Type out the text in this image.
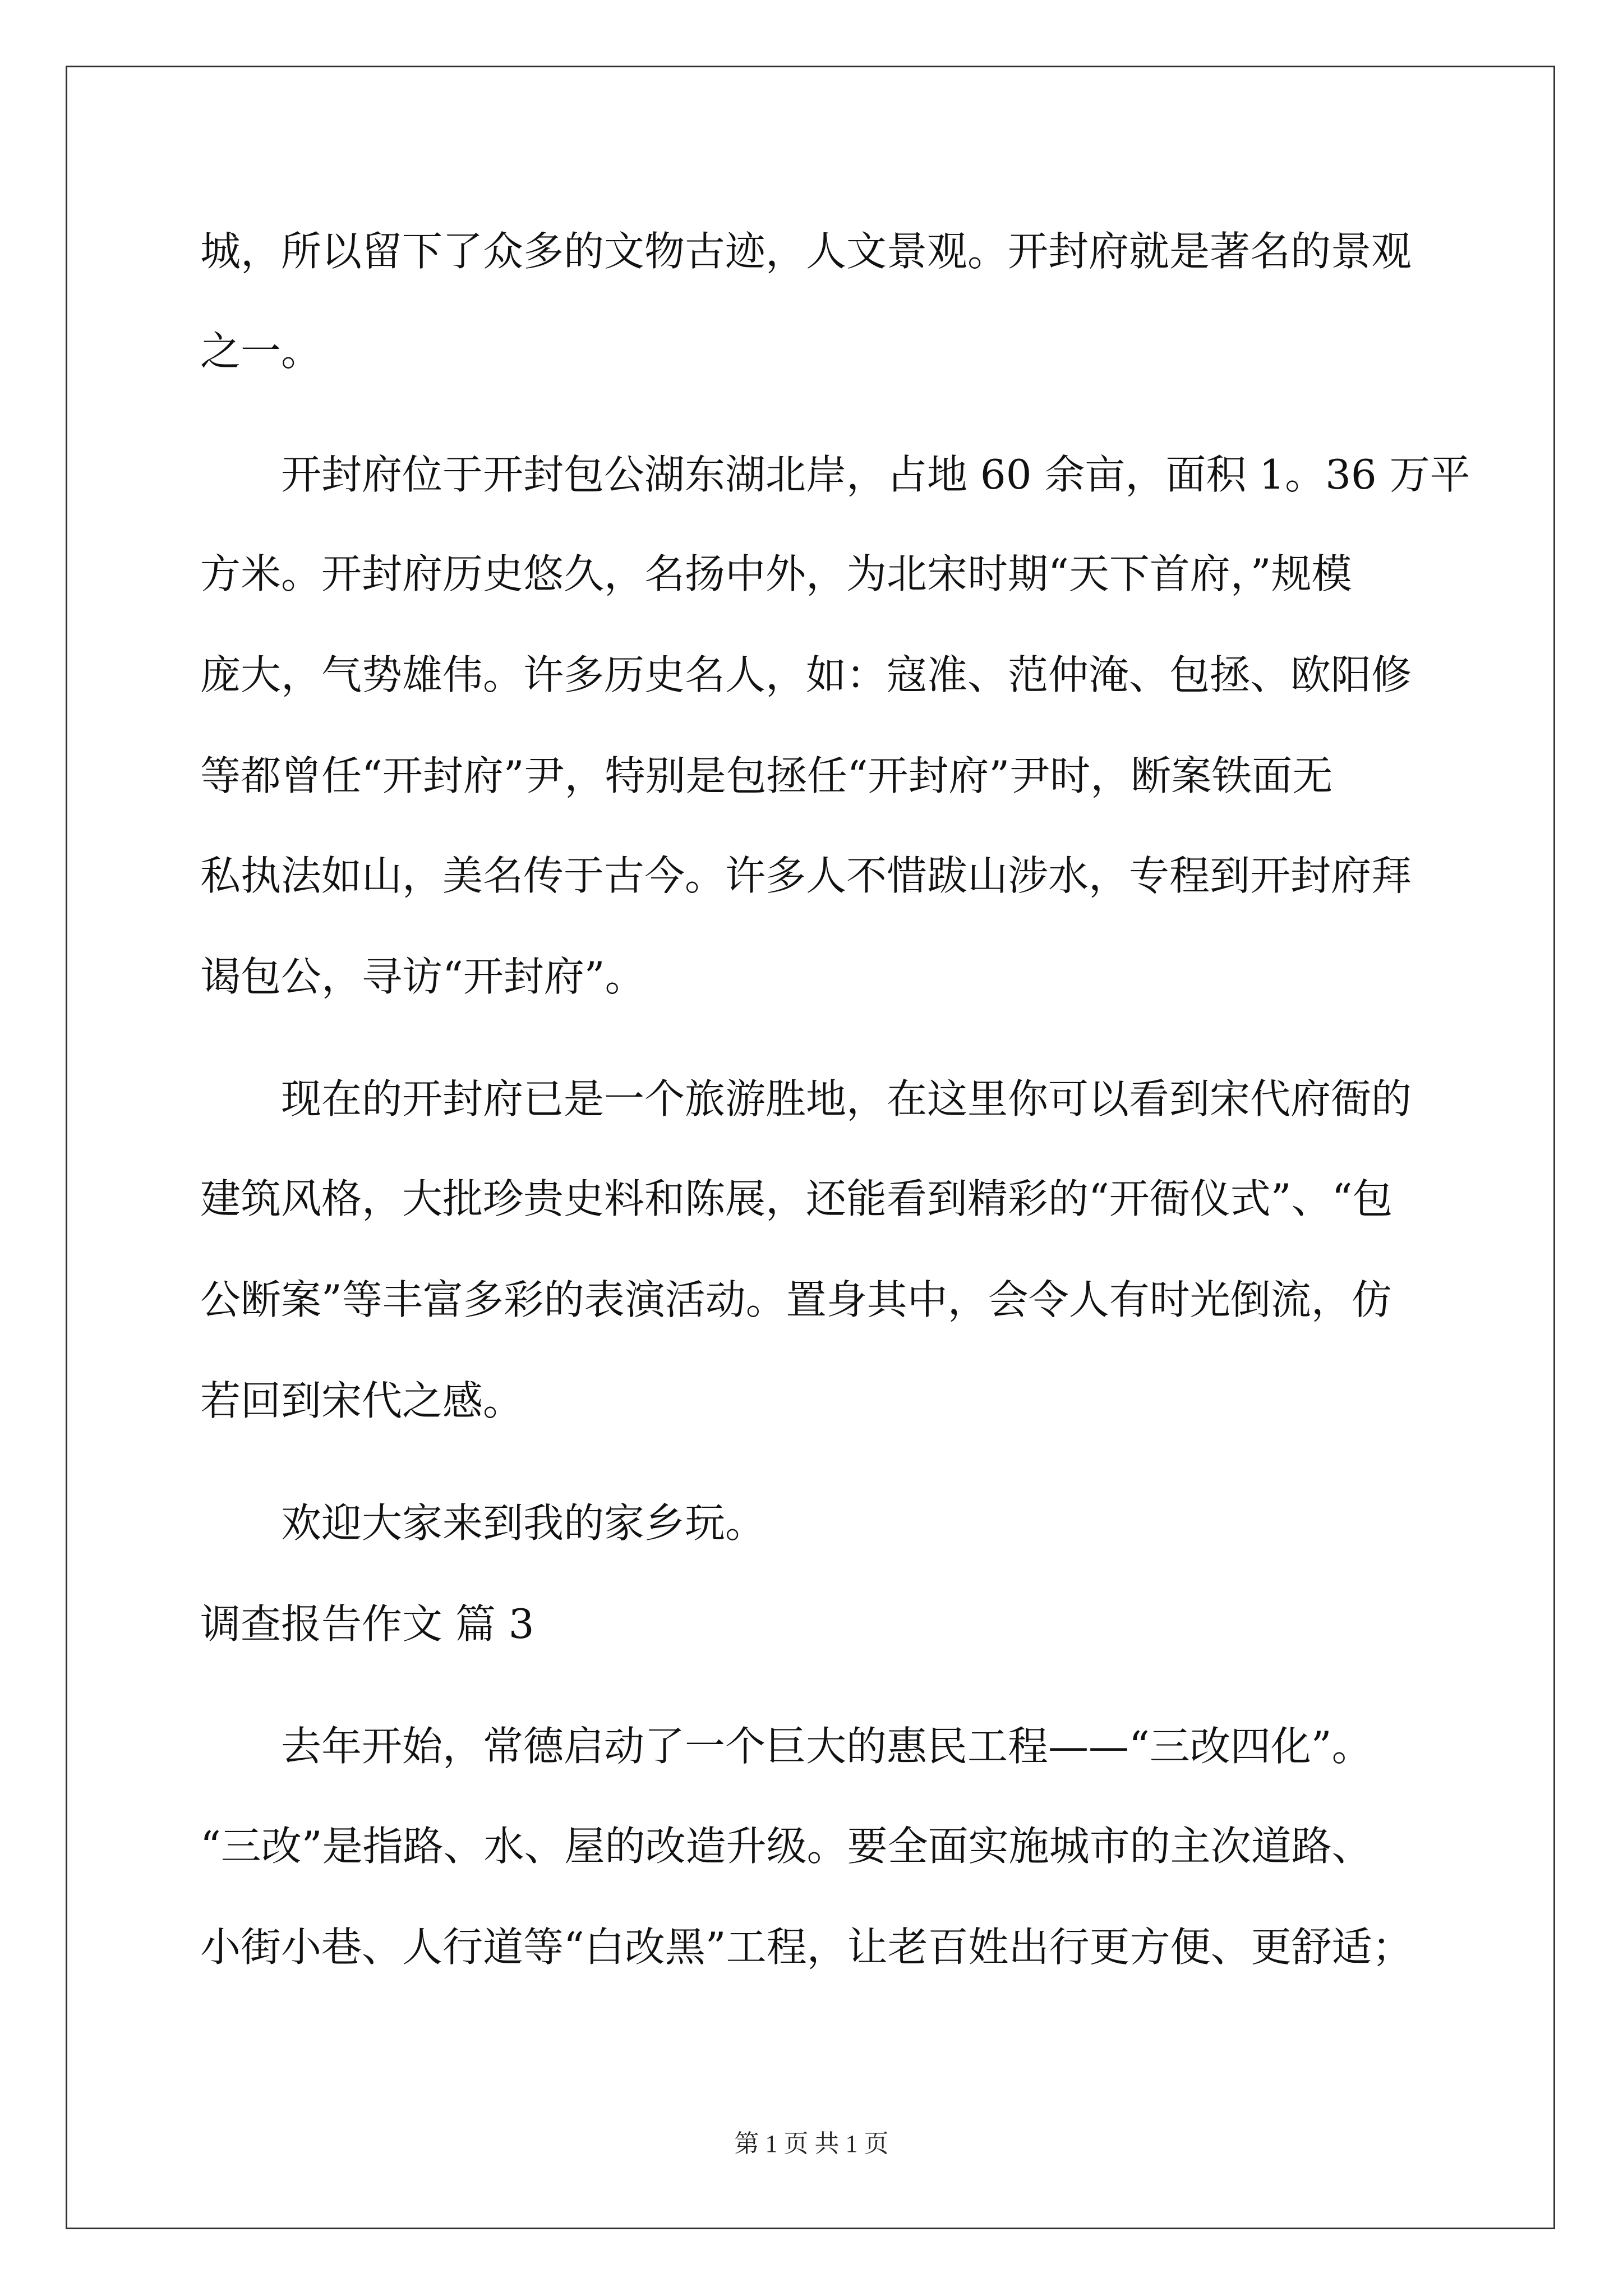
城，所以留下了众多的文物古迹，人文景观。开封府就是著名的景观
之一。
开封府位于开封包公湖东湖北岸，占地 60 余亩，面积 1。36 万平
方米。开封府历史悠久，名扬中外，为北宋时期“天下首府，”规模
庞大，气势雄伟。许多历史名人，如：寇准、范仲淹、包拯、欧阳修
等都曾任“开封府”尹，特别是包拯任“开封府”尹时，断案铁面无
私执法如山，美名传于古今。许多人不惜跋山涉水，专程到开封府拜
谒包公，寻访“开封府”。
现在的开封府已是一个旅游胜地，在这里你可以看到宋代府衙的
建筑风格，大批珍贵史料和陈展，还能看到精彩的“开衙仪式”、“包
公断案”等丰富多彩的表演活动。置身其中，会令人有时光倒流，仿
若回到宋代之感。
欢迎大家来到我的家乡玩。
调查报告作文 篇 3
去年开始，常德启动了一个巨大的惠民工程——“三改四化”。
“三改”是指路、水、屋的改造升级。要全面实施城市的主次道路、
小街小巷、人行道等“白改黑”工程，让老百姓出行更方便、更舒适；
第 1 页 共 1 页
